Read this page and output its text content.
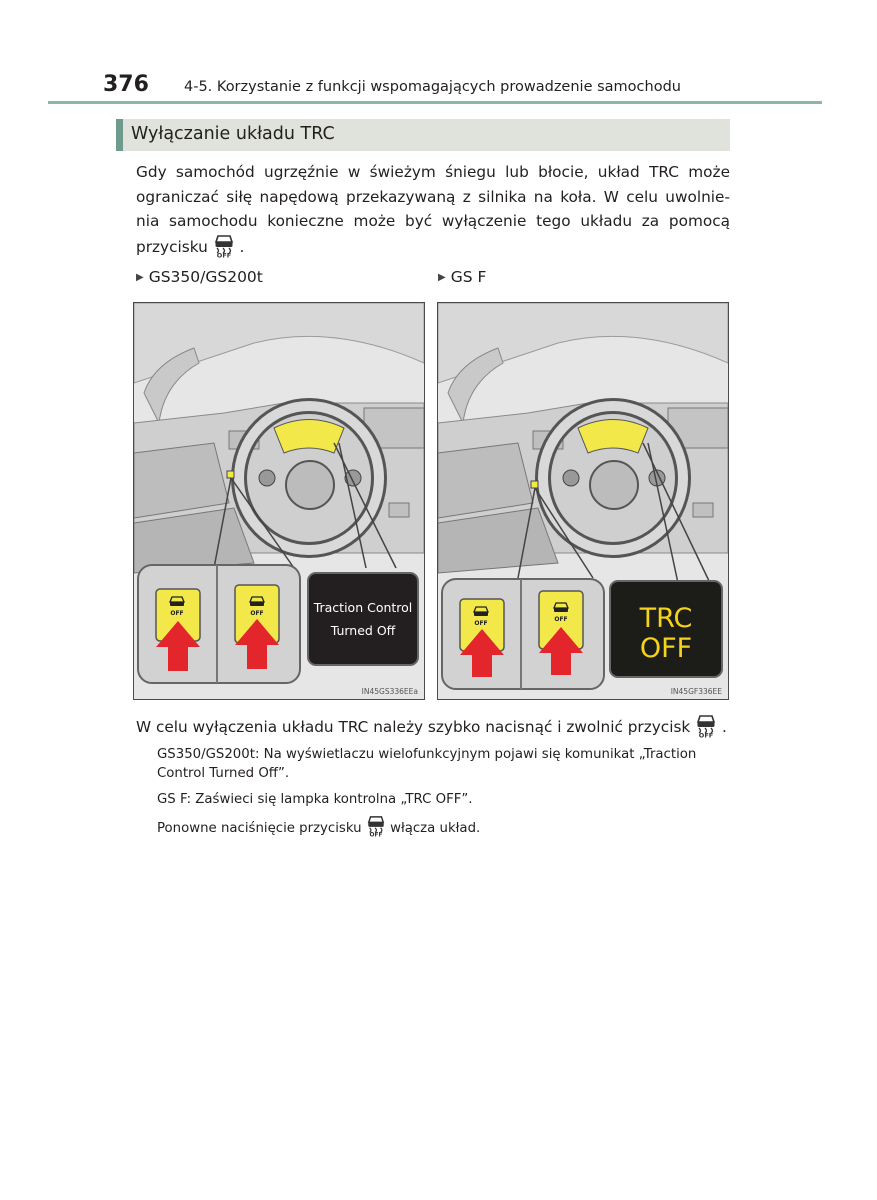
376 4-5. Korzystanie z funkcji wspomagających prowadzenie samochodu
Wyłączanie układu TRC
Gdy samochód ugrzęźnie w świeżym śniegu lub błocie, układ TRC może
ograniczać siłę napędową przekazywaną z silnika na koła. W celu uwolnie-
nia samochodu konieczne może być wyłączenie tego układu za pomocą
przycisku OFF .
▶ GS350/GS200t	▶ GS F
OFF	OFF	Traction Control
Turned Off
IN45GS336EEa
OFF
OFF	TRC
OFF
IN45GF336EE
W celu wyłączenia układu TRC należy szybko nacisnąć i zwolnić przycisk OFF .
GS350/GS200t: Na wyświetlaczu wielofunkcyjnym pojawi się komunikat „Traction
Control Turned Off”.
GS F: Zaświeci się lampka kontrolna „TRC OFF”.
Ponowne naciśnięcie przycisku OFF włącza układ.
